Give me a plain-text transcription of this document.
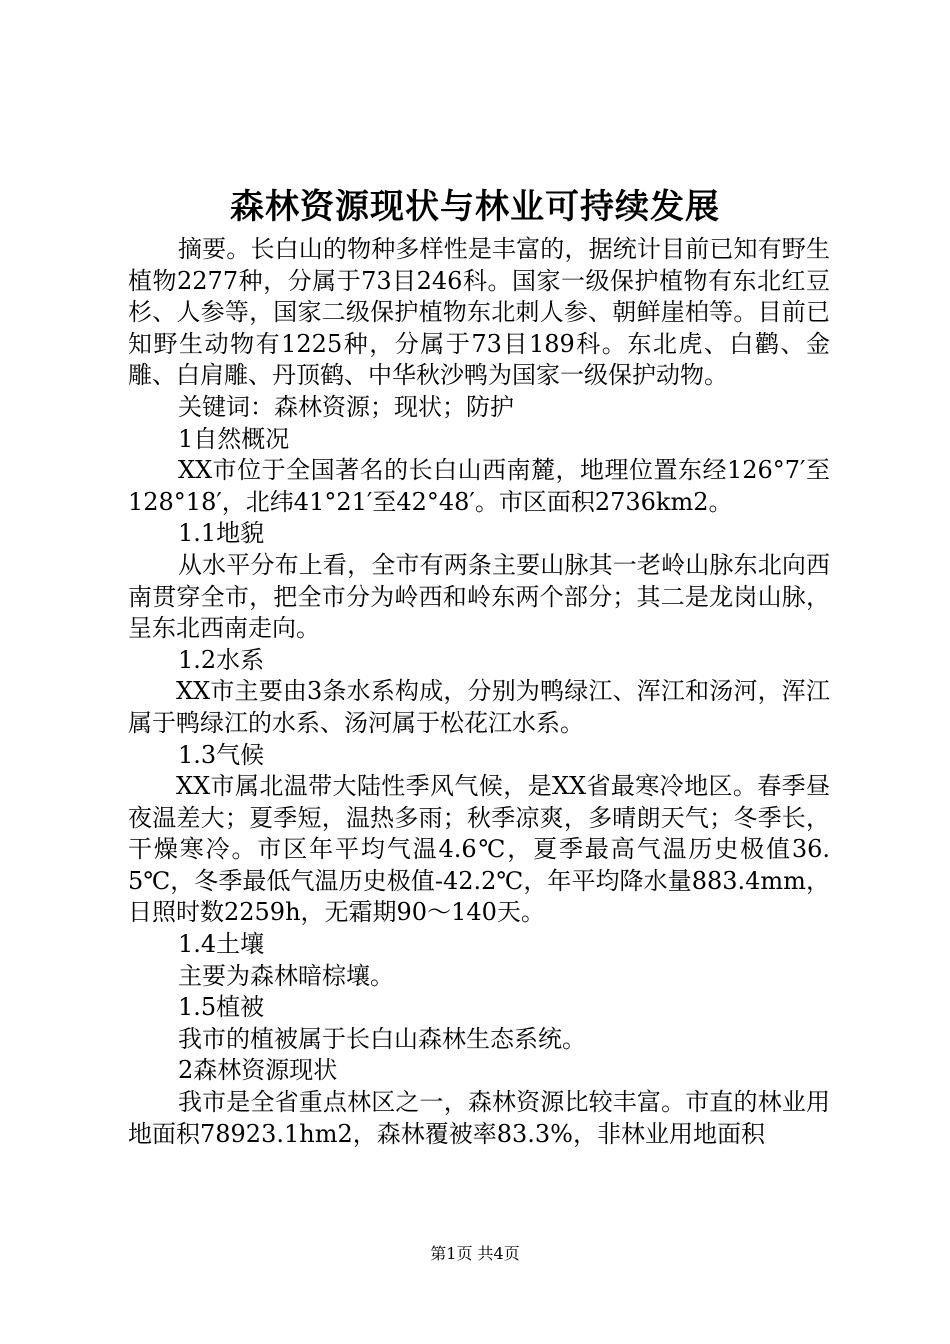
森林资源现状与林业可持续发展

摘要。长白山的物种多样性是丰富的，据统计目前已知有野生植物2277种，分属于73目246科。国家一级保护植物有东北红豆杉、人参等，国家二级保护植物东北刺人参、朝鲜崖柏等。目前已知野生动物有1225种，分属于73目189科。东北虎、白鹳、金雕、白肩雕、丹顶鹤、中华秋沙鸭为国家一级保护动物。

关键词：森林资源；现状；防护

1自然概况

XX市位于全国著名的长白山西南麓，地理位置东经126°7′至128°18′，北纬41°21′至42°48′。市区面积2736km2。

1.1地貌

从水平分布上看，全市有两条主要山脉其一老岭山脉东北向西南贯穿全市，把全市分为岭西和岭东两个部分；其二是龙岗山脉，呈东北西南走向。

1.2水系

XX市主要由3条水系构成，分别为鸭绿江、浑江和汤河，浑江属于鸭绿江的水系、汤河属于松花江水系。

1.3气候

XX市属北温带大陆性季风气候，是XX省最寒冷地区。春季昼夜温差大；夏季短，温热多雨；秋季凉爽，多晴朗天气；冬季长，干燥寒冷。市区年平均气温4.6℃，夏季最高气温历史极值36.5℃，冬季最低气温历史极值-42.2℃，年平均降水量883.4mm，日照时数2259h，无霜期90～140天。

1.4土壤

主要为森林暗棕壤。

1.5植被

我市的植被属于长白山森林生态系统。

2森林资源现状

我市是全省重点林区之一，森林资源比较丰富。市直的林业用地面积78923.1hm2，森林覆被率83.3%，非林业用地面积

第1页 共4页
